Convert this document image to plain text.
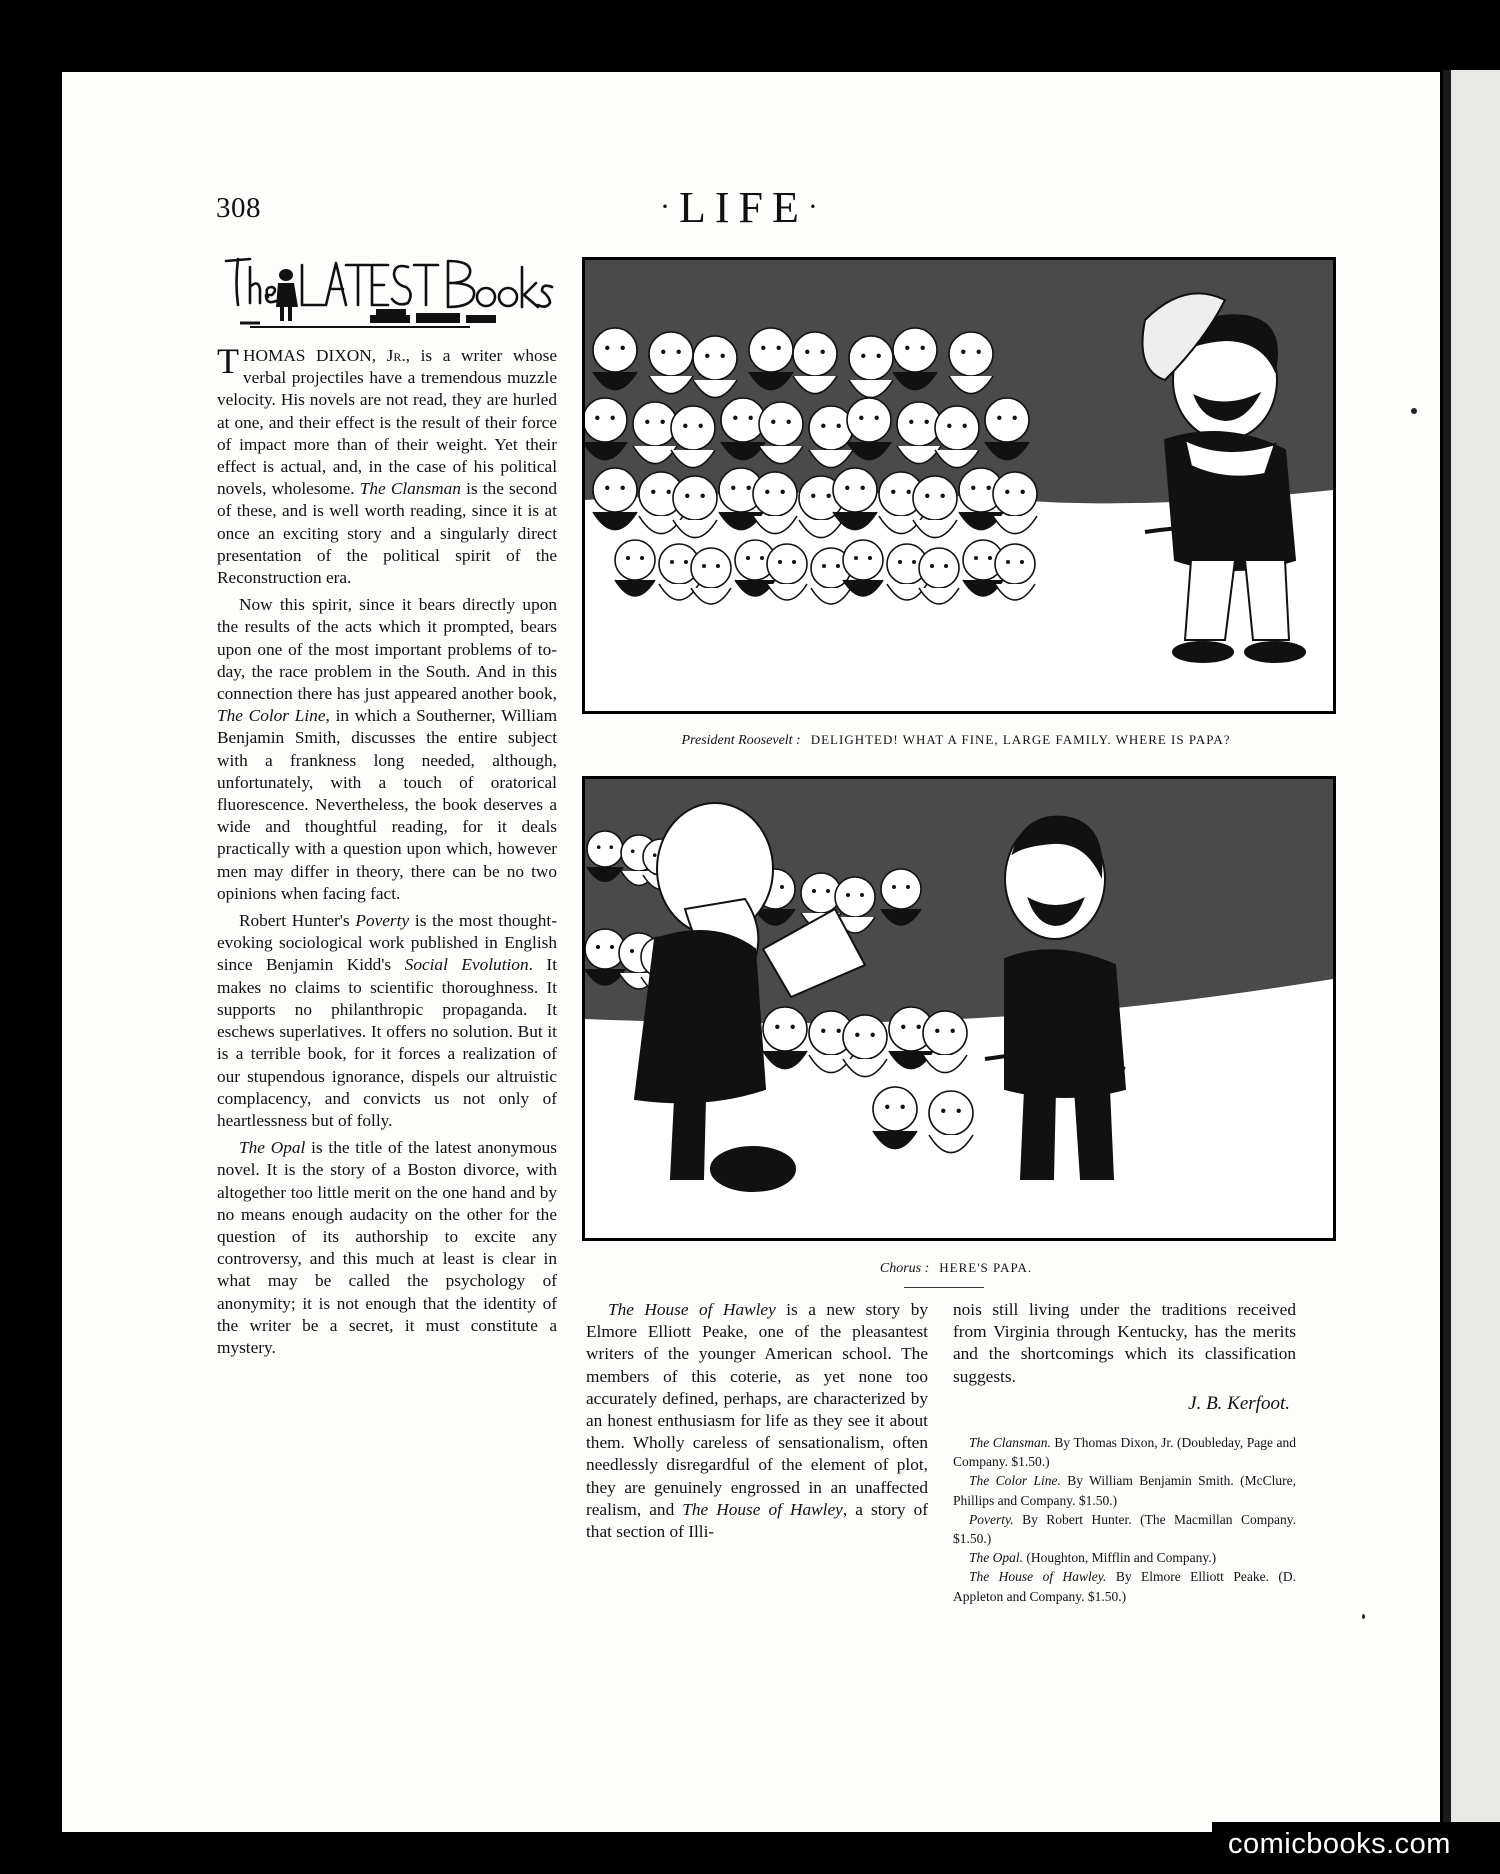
308	·LIFE·

THOMAS DIXON, Jr., is a writer whose verbal projectiles have a tremendous muzzle velocity. His novels are not read, they are hurled at one, and their effect is the result of their force of impact more than of their weight. Yet their effect is actual, and, in the case of his political novels, wholesome. The Clansman is the second of these, and is well worth reading, since it is at once an exciting story and a singularly direct presentation of the political spirit of the Reconstruction era.

Now this spirit, since it bears directly upon the results of the acts which it prompted, bears upon one of the most important problems of to-day, the race problem in the South. And in this connection there has just appeared another book, The Color Line, in which a Southerner, William Benjamin Smith, discusses the entire subject with a frankness long needed, although, unfortunately, with a touch of oratorical fluorescence. Nevertheless, the book deserves a wide and thoughtful reading, for it deals practically with a question upon which, however men may differ in theory, there can be no two opinions when facing fact.

Robert Hunter's Poverty is the most thought-evoking sociological work published in English since Benjamin Kidd's Social Evolution. It makes no claims to scientific thoroughness. It supports no philanthropic propaganda. It eschews superlatives. It offers no solution. But it is a terrible book, for it forces a realization of our stupendous ignorance, dispels our altruistic complacency, and convicts us not only of heartlessness but of folly.

The Opal is the title of the latest anonymous novel. It is the story of a Boston divorce, with altogether too little merit on the one hand and by no means enough audacity on the other for the question of its authorship to excite any controversy, and this much at least is clear in what may be called the psychology of anonymity; it is not enough that the identity of the writer be a secret, it must constitute a mystery.

President Roosevelt : DELIGHTED! WHAT A FINE, LARGE FAMILY. WHERE IS PAPA?
Chorus : HERE'S PAPA.

The House of Hawley is a new story by Elmore Elliott Peake, one of the pleasantest writers of the younger American school. The members of this coterie, as yet none too accurately defined, perhaps, are characterized by an honest enthusiasm for life as they see it about them. Wholly careless of sensationalism, often needlessly disregardful of the element of plot, they are genuinely engrossed in an unaffected realism, and The House of Hawley, a story of that section of Illi-

nois still living under the traditions received from Virginia through Kentucky, has the merits and the shortcomings which its classification suggests.

J. B. Kerfoot.

The Clansman. By Thomas Dixon, Jr. (Doubleday, Page and Company. $1.50.)

The Color Line. By William Benjamin Smith. (McClure, Phillips and Company. $1.50.)

Poverty. By Robert Hunter. (The Macmillan Company. $1.50.)

The Opal. (Houghton, Mifflin and Company.)

The House of Hawley. By Elmore Elliott Peake. (D. Appleton and Company. $1.50.)

comicbooks.com
